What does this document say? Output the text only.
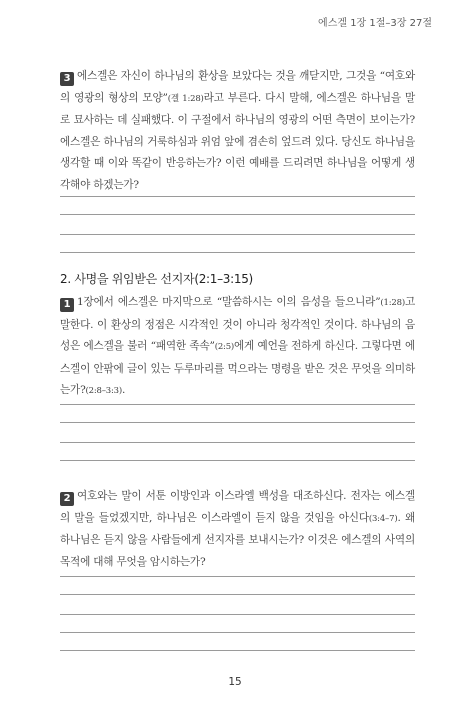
에스겔 1장 1절–3장 27절
3 에스겔은 자신이 하나님의 환상을 보았다는 것을 깨닫지만, 그것을 “여호와의 영광의 형상의 모양”(겔 1:28)라고 부른다. 다시 말해, 에스겔은 하나님을 말로 묘사하는 데 실패했다. 이 구절에서 하나님의 영광의 어떤 측면이 보이는가? 에스겔은 하나님의 거룩하심과 위엄 앞에 겸손히 엎드려 있다. 당신도 하나님을 생각할 때 이와 똑같이 반응하는가? 이런 예배를 드리려면 하나님을 어떻게 생각해야 하겠는가?
2. 사명을 위임받은 선지자(2:1–3:15)
1 1장에서 에스겔은 마지막으로 “말씀하시는 이의 음성을 들으니라”(1:28)고 말한다. 이 환상의 정점은 시각적인 것이 아니라 청각적인 것이다. 하나님의 음성은 에스겔을 불러 “패역한 족속”(2:5)에게 예언을 전하게 하신다. 그렇다면 에스겔이 안팎에 글이 있는 두루마리를 먹으라는 명령을 받은 것은 무엇을 의미하는가?(2:8–3:3).
2 여호와는 말이 서툰 이방인과 이스라엘 백성을 대조하신다. 전자는 에스겔의 말을 들었겠지만, 하나님은 이스라엘이 듣지 않을 것임을 아신다(3:4–7). 왜 하나님은 듣지 않을 사람들에게 선지자를 보내시는가? 이것은 에스겔의 사역의 목적에 대해 무엇을 암시하는가?
15
